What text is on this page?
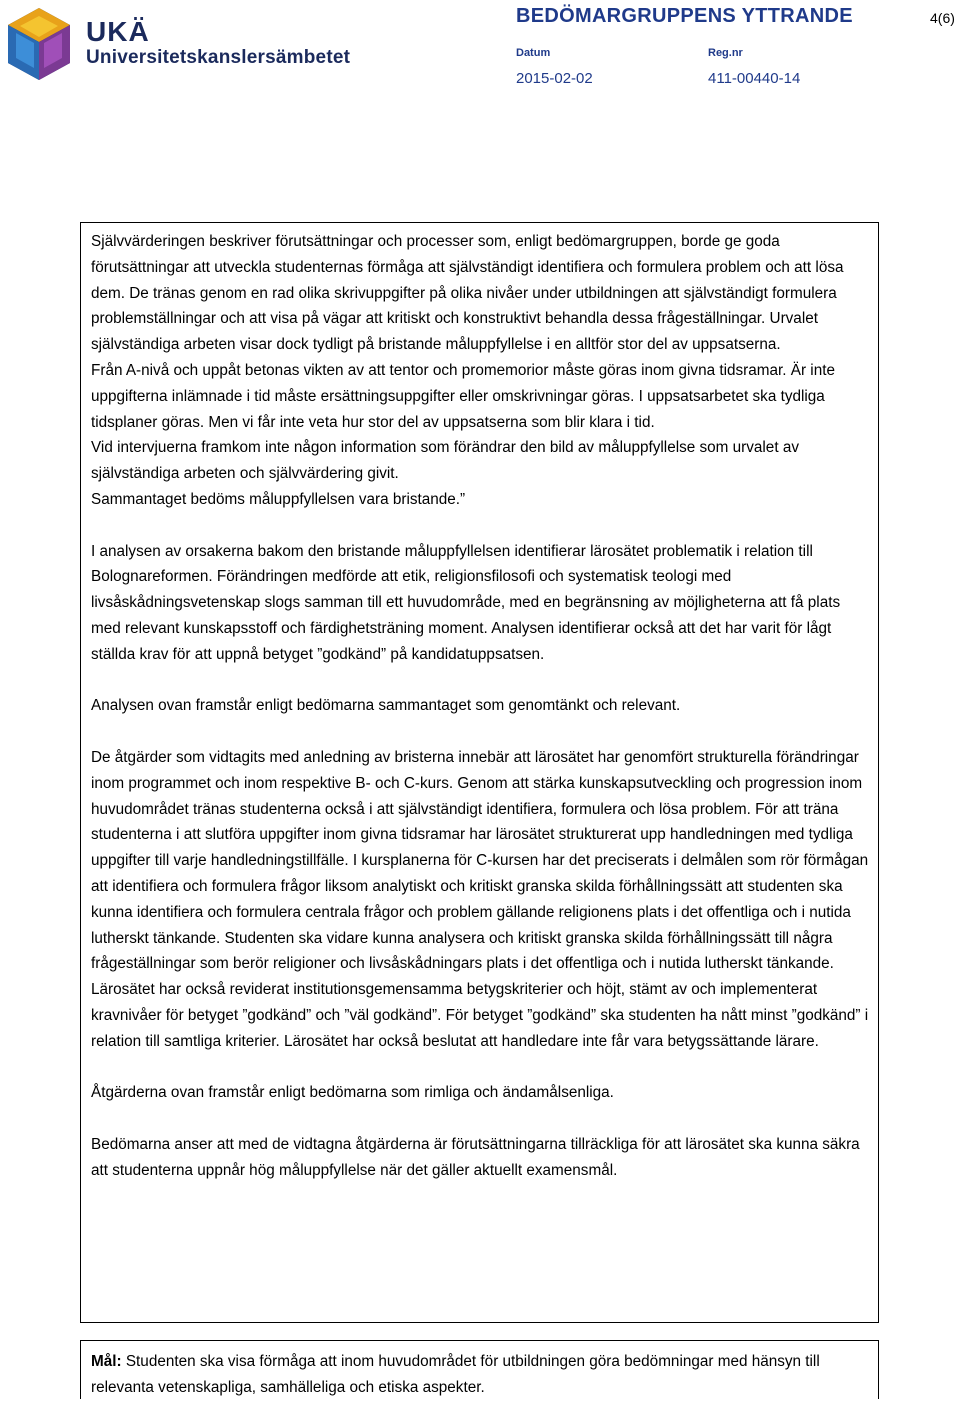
UKÄ
Universitetskanslersämbetet
BEDÖMARGRUPPENS YTTRANDE	4(6)
Datum
2015-02-02
Reg.nr
411-00440-14

Självvärderingen beskriver förutsättningar och processer som, enligt bedömargruppen, borde ge goda förutsättningar att utveckla studenternas förmåga att självständigt identifiera och formulera problem och att lösa dem. De tränas genom en rad olika skrivuppgifter på olika nivåer under utbildningen att självständigt formulera problemställningar och att visa på vägar att kritiskt och konstruktivt behandla dessa frågeställningar. Urvalet självständiga arbeten visar dock tydligt på bristande måluppfyllelse i en alltför stor del av uppsatserna.

Från A-nivå och uppåt betonas vikten av att tentor och promemorior måste göras inom givna tidsramar. Är inte uppgifterna inlämnade i tid måste ersättningsuppgifter eller omskrivningar göras. I uppsatsarbetet ska tydliga tidsplaner göras. Men vi får inte veta hur stor del av uppsatserna som blir klara i tid.

Vid intervjuerna framkom inte någon information som förändrar den bild av måluppfyllelse som urvalet av självständiga arbeten och självvärdering givit.

Sammantaget bedöms måluppfyllelsen vara bristande.”

I analysen av orsakerna bakom den bristande måluppfyllelsen identifierar lärosätet problematik i relation till Bolognareformen. Förändringen medförde att etik, religionsfilosofi och systematisk teologi med livsåskådningsvetenskap slogs samman till ett huvudområde, med en begränsning av möjligheterna att få plats med relevant kunskapsstoff och färdighetsträning moment. Analysen identifierar också att det har varit för lågt ställda krav för att uppnå betyget ”godkänd” på kandidatuppsatsen.

Analysen ovan framstår enligt bedömarna sammantaget som genomtänkt och relevant.

De åtgärder som vidtagits med anledning av bristerna innebär att lärosätet har genomfört strukturella förändringar inom programmet och inom respektive B- och C-kurs. Genom att stärka kunskapsutveckling och progression inom huvudområdet tränas studenterna också i att självständigt identifiera, formulera och lösa problem. För att träna studenterna i att slutföra uppgifter inom givna tidsramar har lärosätet strukturerat upp handledningen med tydliga uppgifter till varje handledningstillfälle. I kursplanerna för C-kursen har det preciserats i delmålen som rör förmågan att identifiera och formulera frågor liksom analytiskt och kritiskt granska skilda förhållningssätt att studenten ska kunna identifiera och formulera centrala frågor och problem gällande religionens plats i det offentliga och i nutida lutherskt tänkande. Studenten ska vidare kunna analysera och kritiskt granska skilda förhållningssätt till några frågeställningar som berör religioner och livsåskådningars plats i det offentliga och i nutida lutherskt tänkande. Lärosätet har också reviderat institutionsgemensamma betygskriterier och höjt, stämt av och implementerat kravnivåer för betyget ”godkänd” och ”väl godkänd”. För betyget ”godkänd” ska studenten ha nått minst ”godkänd” i relation till samtliga kriterier. Lärosätet har också beslutat att handledare inte får vara betygssättande lärare.

Åtgärderna ovan framstår enligt bedömarna som rimliga och ändamålsenliga.

Bedömarna anser att med de vidtagna åtgärderna är förutsättningarna tillräckliga för att lärosätet ska kunna säkra att studenterna uppnår hög måluppfyllelse när det gäller aktuellt examensmål.

Mål: Studenten ska visa förmåga att inom huvudområdet för utbildningen göra bedömningar med hänsyn till relevanta vetenskapliga, samhälleliga och etiska aspekter.
